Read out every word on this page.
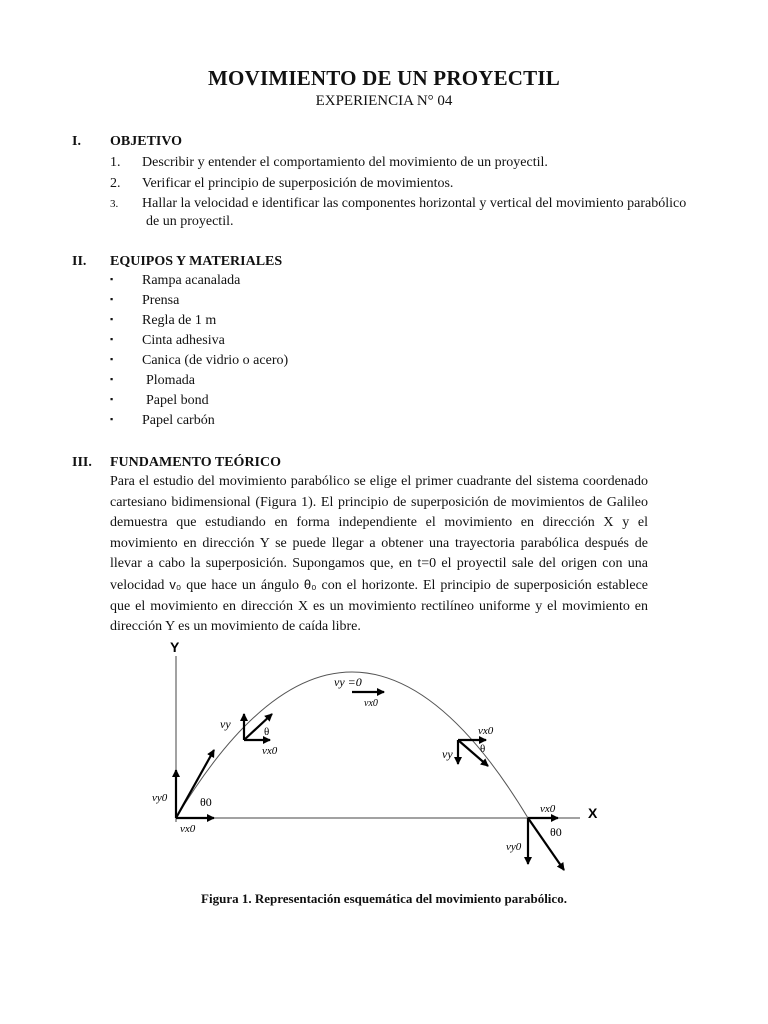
MOVIMIENTO DE UN PROYECTIL
EXPERIENCIA N° 04
I. OBJETIVO
1. Describir y entender el comportamiento del movimiento de un proyectil.
2. Verificar el principio de superposición de movimientos.
3. Hallar la velocidad e identificar las componentes horizontal y vertical del movimiento parabólico
de un proyectil.
II. EQUIPOS Y MATERIALES
▪ Rampa acanalada
▪ Prensa
▪ Regla de 1 m
▪ Cinta adhesiva
▪ Canica (de vidrio o acero)
▪ Plomada
▪ Papel bond
▪ Papel carbón
III. FUNDAMENTO TEÓRICO
Para el estudio del movimiento parabólico se elige el primer cuadrante del sistema coordenado cartesiano bidimensional (Figura 1). El principio de superposición de movimientos de Galileo demuestra que estudiando en forma independiente el movimiento en dirección X y el movimiento en dirección Y se puede llegar a obtener una trayectoria parabólica después de llevar a cabo la superposición. Supongamos que, en t=0 el proyectil sale del origen con una velocidad v₀ que hace un ángulo θ₀ con el horizonte. El principio de superposición establece que el movimiento en dirección X es un movimiento rectilíneo uniforme y el movimiento en dirección Y es un movimiento de caída libre.
Y
X
vy0	θ0
vx0
vy
θ
vx0
vy =0
vx0
vx0
vy θ
vx0
θ0
vy0
Figura 1. Representación esquemática del movimiento parabólico.
